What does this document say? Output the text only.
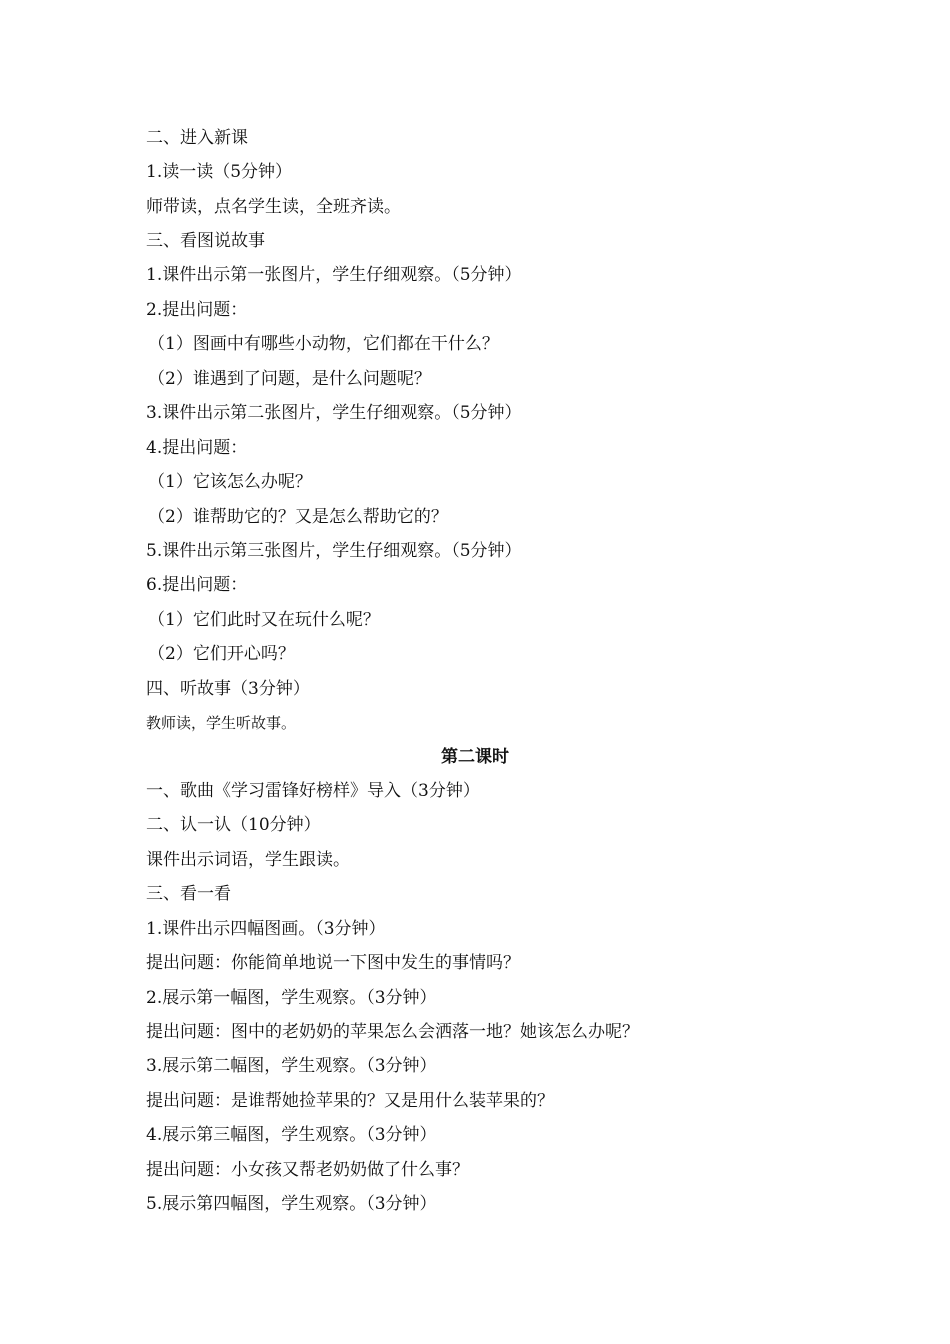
二、进入新课
1.读一读（5分钟）
师带读，点名学生读，全班齐读。
三、看图说故事
1.课件出示第一张图片，学生仔细观察。（5分钟）
2.提出问题：
（1）图画中有哪些小动物，它们都在干什么？
（2）谁遇到了问题，是什么问题呢？
3.课件出示第二张图片，学生仔细观察。（5分钟）
4.提出问题：
（1）它该怎么办呢？
（2）谁帮助它的？又是怎么帮助它的？
5.课件出示第三张图片，学生仔细观察。（5分钟）
6.提出问题：
（1）它们此时又在玩什么呢？
（2）它们开心吗？
四、听故事（3分钟）
教师读，学生听故事。
第二课时
一、歌曲《学习雷锋好榜样》导入（3分钟）
二、认一认（10分钟）
课件出示词语，学生跟读。
三、看一看
1.课件出示四幅图画。（3分钟）
提出问题：你能简单地说一下图中发生的事情吗？
2.展示第一幅图，学生观察。（3分钟）
提出问题：图中的老奶奶的苹果怎么会洒落一地？她该怎么办呢？
3.展示第二幅图，学生观察。（3分钟）
提出问题：是谁帮她捡苹果的？又是用什么装苹果的？
4.展示第三幅图，学生观察。（3分钟）
提出问题：小女孩又帮老奶奶做了什么事？
5.展示第四幅图，学生观察。（3分钟）
